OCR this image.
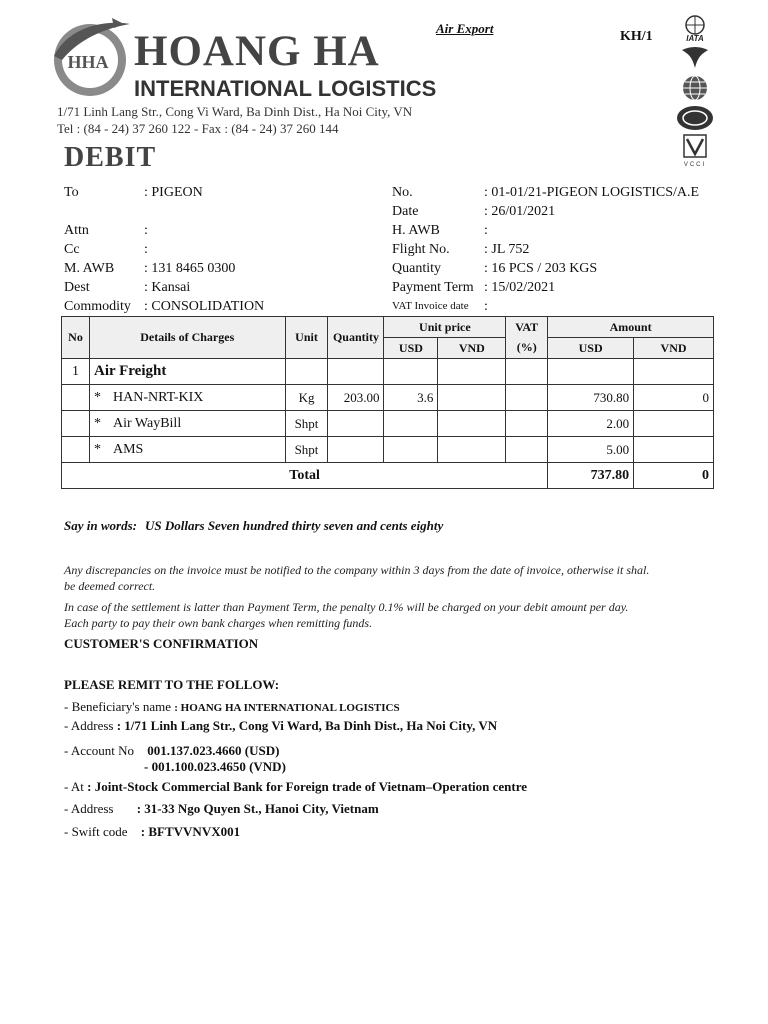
HHA HOANG HA
INTERNATIONAL LOGISTICS
1/71 Linh Lang Str., Cong Vi Ward, Ba Dinh Dist., Ha Noi City, VN
Tel : (84 - 24) 37 260 122 - Fax : (84 - 24) 37 260 144
Air Export
KH/1
DEBIT
IATA
VCCI
To	: PIGEON
Attn	:
Cc	:
M. AWB	: 131 8465 0300
Dest	: Kansai
Commodity : CONSOLIDATION
No.	: 01-01/21-PIGEON LOGISTICS/A.E
Date	: 26/01/2021
H. AWB	:
Flight No.	: JL 752
Quantity	: 16 PCS / 203 KGS
Payment Term : 15/02/2021
VAT Invoice date	:
No	Details of Charges	Unit	Quantity	Unit price		VAT	Amount	
				USD	VND	(%)	USD	VND
1	Air Freight							
	* HAN-NRT-KIX	Kg	203.00	3.6			730.80	0
	* Air WayBill	Shpt					2.00	
	* AMS	Shpt					5.00	
Total							737.80	0
Say in words: US Dollars Seven hundred thirty seven and cents eighty
Any discrepancies on the invoice must be notified to the company within 3 days from the date of invoice, otherwise it shal.
be deemed correct.
In case of the settlement is latter than Payment Term, the penalty 0.1% will be charged on your debit amount per day.
Each party to pay their own bank charges when remitting funds.
CUSTOMER'S CONFIRMATION
PLEASE REMIT TO THE FOLLOW:
- Beneficiary's name : HOANG HA INTERNATIONAL LOGISTICS
- Address : 1/71 Linh Lang Str., Cong Vi Ward, Ba Dinh Dist., Ha Noi City, VN
- Account No 001.137.023.4660 (USD)
- 001.100.023.4650 (VND)
- At : Joint-Stock Commercial Bank for Foreign trade of Vietnam–Operation centre
- Address : 31-33 Ngo Quyen St., Hanoi City, Vietnam
- Swift code : BFTVVNVX001
